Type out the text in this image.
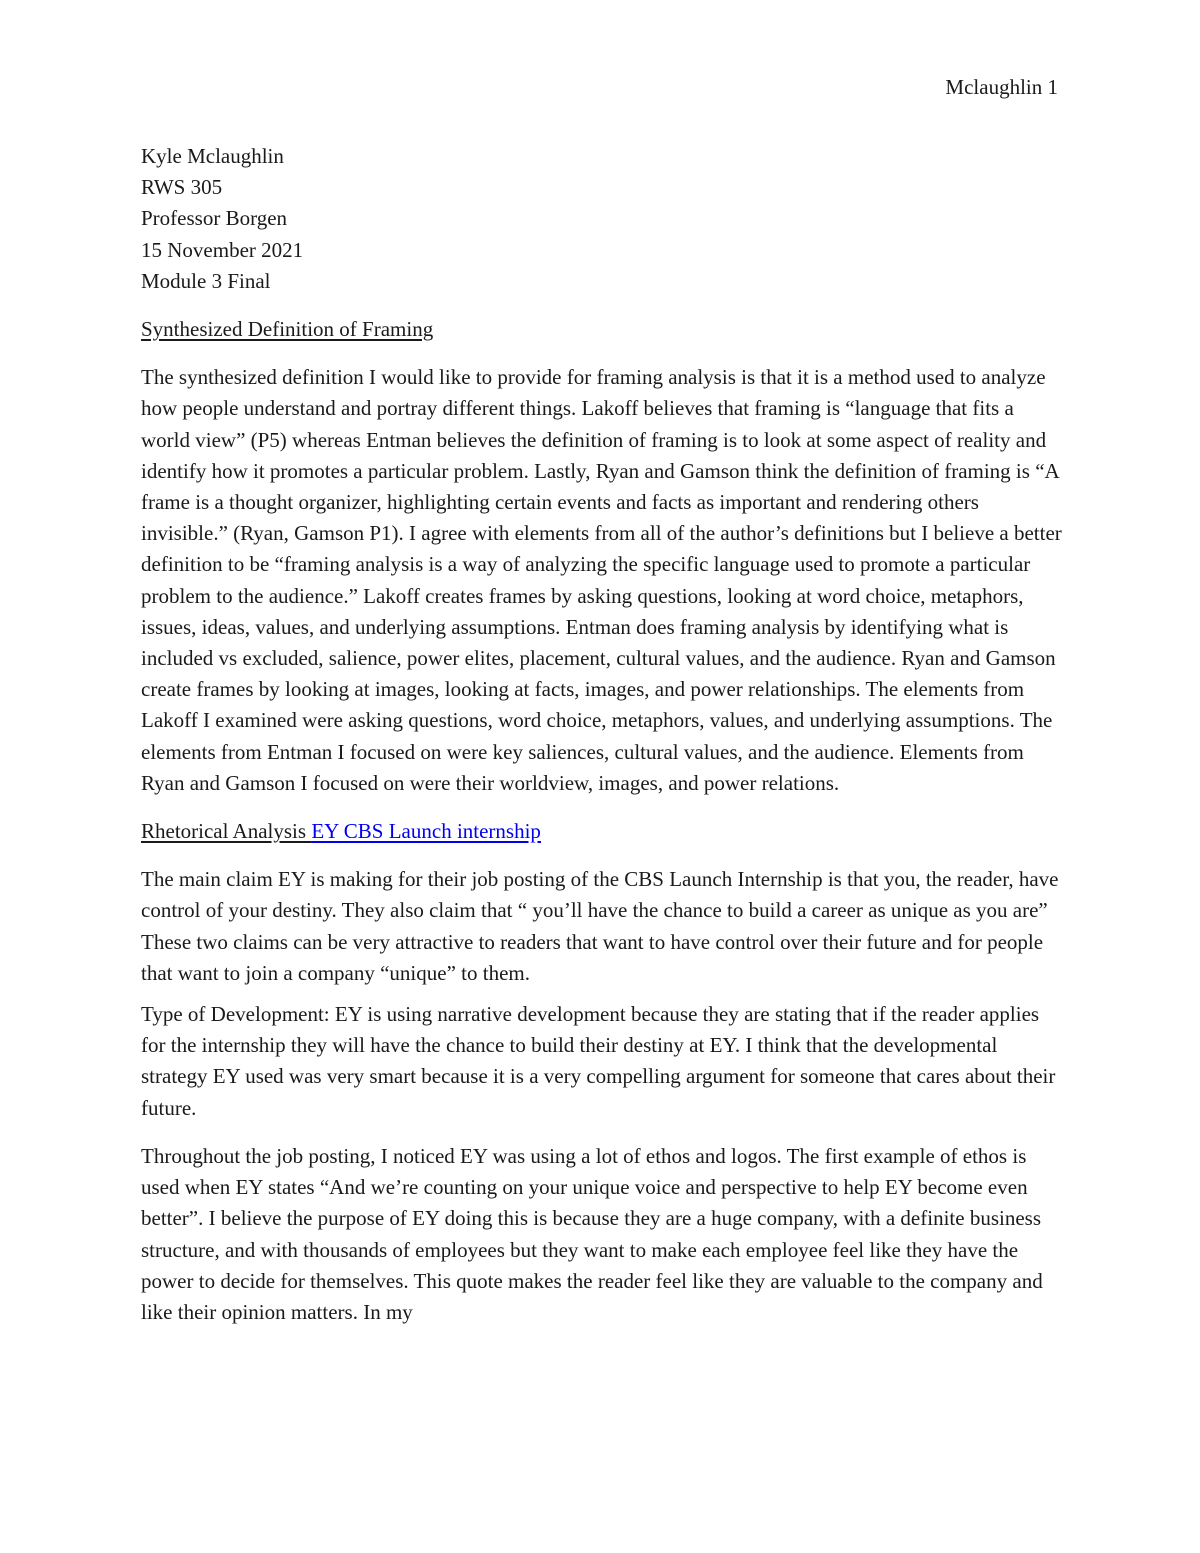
Mclaughlin 1
Kyle Mclaughlin
RWS 305
Professor Borgen
15 November 2021
Module 3 Final
Synthesized Definition of Framing

The synthesized definition I would like to provide for framing analysis is that it is a method used to analyze how people understand and portray different things. Lakoff believes that framing is “language that fits a world view” (P5) whereas Entman believes the definition of framing is to look at some aspect of reality and identify how it promotes a particular problem. Lastly, Ryan and Gamson think the definition of framing is “A frame is a thought organizer, highlighting certain events and facts as important and rendering others invisible.” (Ryan, Gamson P1). I agree with elements from all of the author’s definitions but I believe a better definition to be “framing analysis is a way of analyzing the specific language used to promote a particular problem to the audience.” Lakoff creates frames by asking questions, looking at word choice, metaphors, issues, ideas, values, and underlying assumptions. Entman does framing analysis by identifying what is included vs excluded, salience, power elites, placement, cultural values, and the audience. Ryan and Gamson create frames by looking at images, looking at facts, images, and power relationships. The elements from Lakoff I examined were asking questions, word choice, metaphors, values, and underlying assumptions. The elements from Entman I focused on were key saliences, cultural values, and the audience. Elements from Ryan and Gamson I focused on were their worldview, images, and power relations.

Rhetorical Analysis EY CBS Launch internship

The main claim EY is making for their job posting of the CBS Launch Internship is that you, the reader, have control of your destiny. They also claim that “ you’ll have the chance to build a career as unique as you are” These two claims can be very attractive to readers that want to have control over their future and for people that want to join a company “unique” to them.

Type of Development: EY is using narrative development because they are stating that if the reader applies for the internship they will have the chance to build their destiny at EY. I think that the developmental strategy EY used was very smart because it is a very compelling argument for someone that cares about their future.

Throughout the job posting, I noticed EY was using a lot of ethos and logos. The first example of ethos is used when EY states “And we’re counting on your unique voice and perspective to help EY become even better”. I believe the purpose of EY doing this is because they are a huge company, with a definite business structure, and with thousands of employees but they want to make each employee feel like they have the power to decide for themselves. This quote makes the reader feel like they are valuable to the company and like their opinion matters. In my
